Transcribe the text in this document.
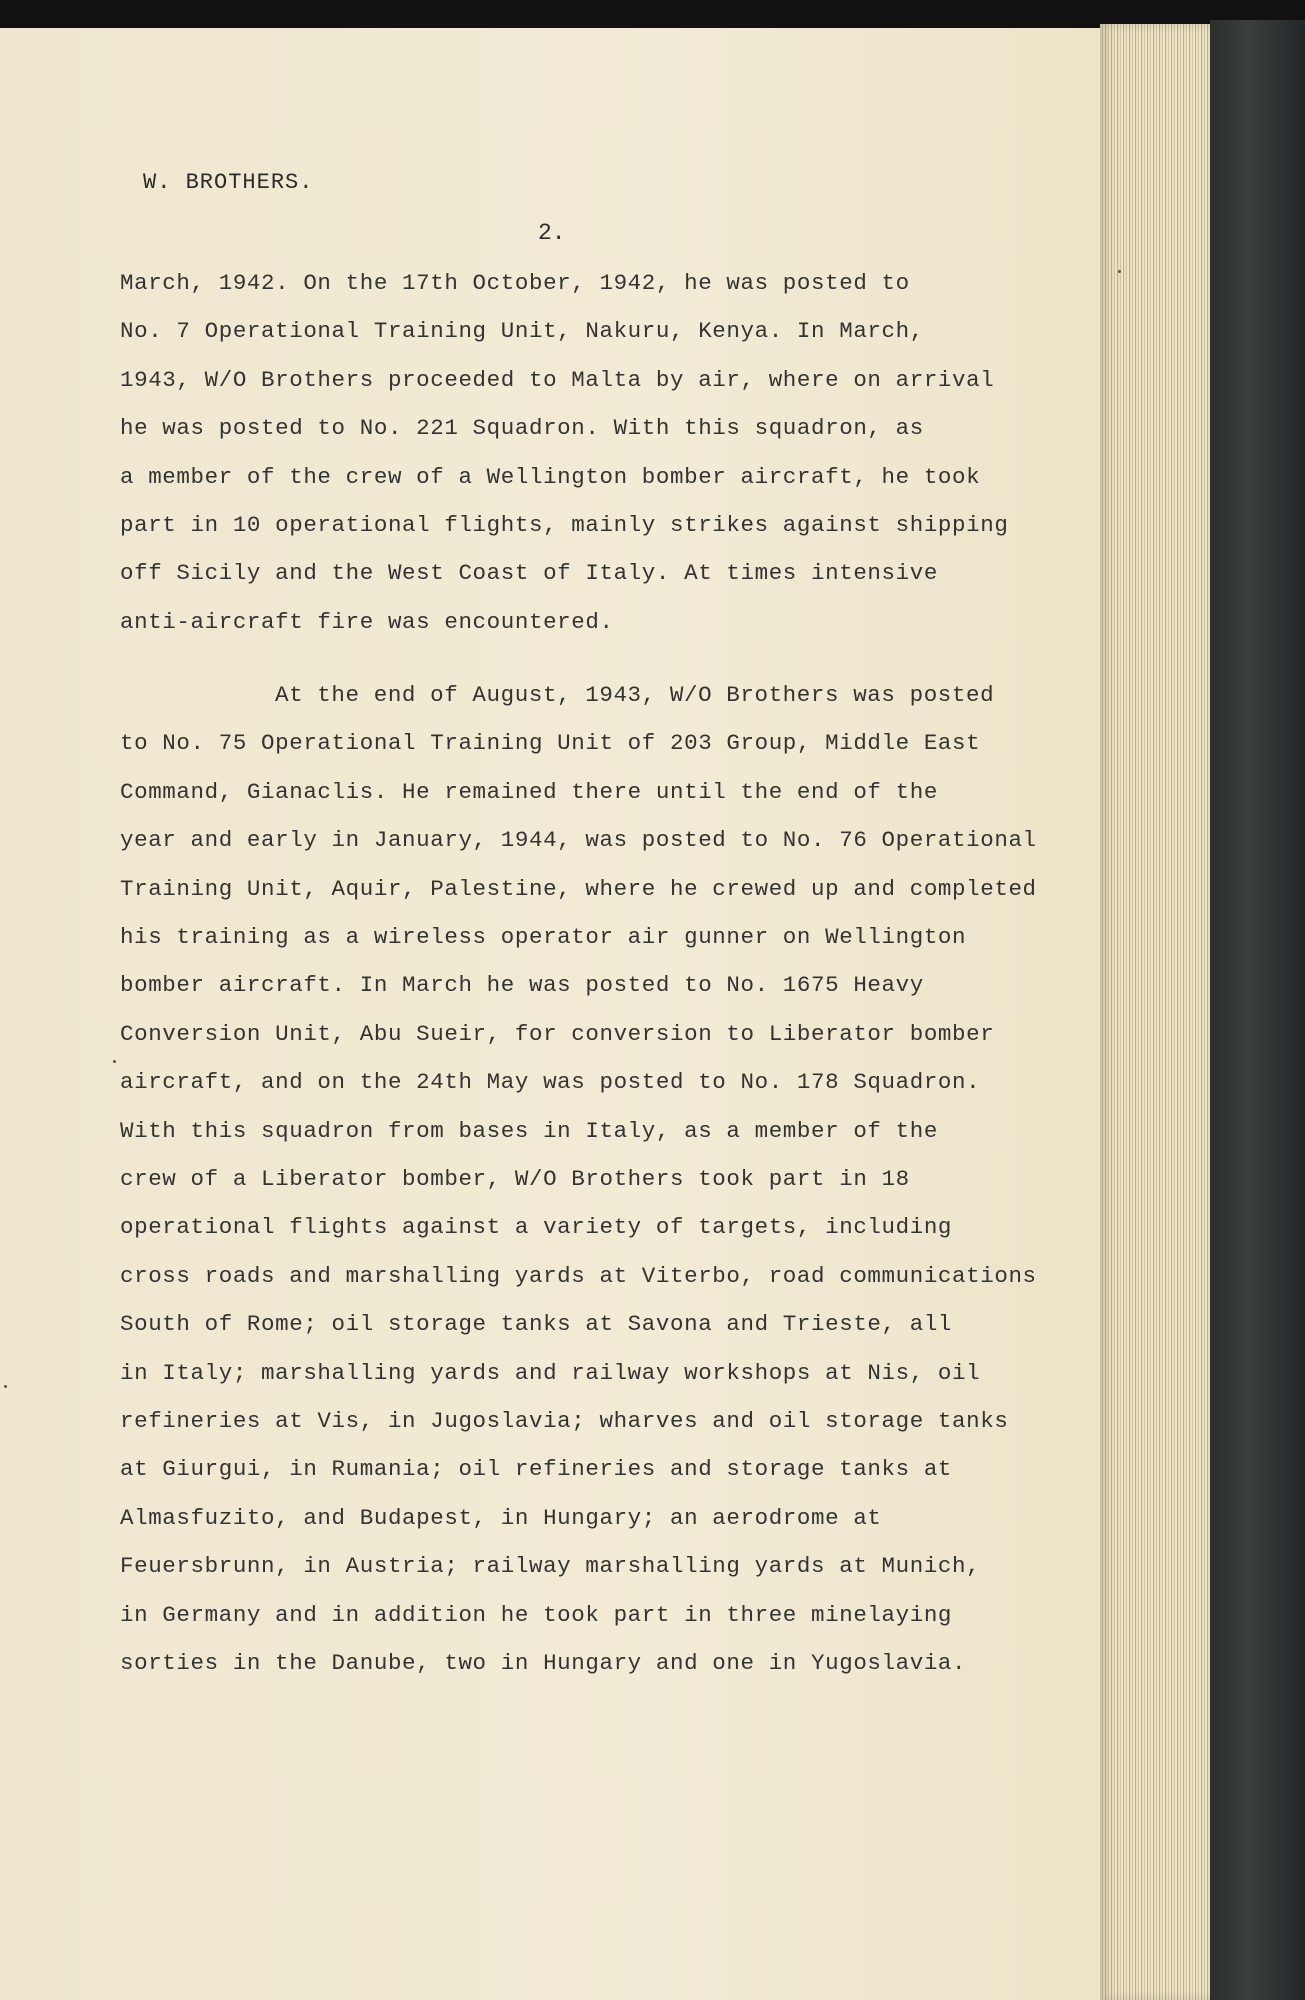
W. BROTHERS.
2.
March, 1942. On the 17th October, 1942, he was posted to
No. 7 Operational Training Unit, Nakuru, Kenya. In March,
1943, W/O Brothers proceeded to Malta by air, where on arrival
he was posted to No. 221 Squadron. With this squadron, as
a member of the crew of a Wellington bomber aircraft, he took
part in 10 operational flights, mainly strikes against shipping
off Sicily and the West Coast of Italy. At times intensive
anti-aircraft fire was encountered.
At the end of August, 1943, W/O Brothers was posted
to No. 75 Operational Training Unit of 203 Group, Middle East
Command, Gianaclis. He remained there until the end of the
year and early in January, 1944, was posted to No. 76 Operational
Training Unit, Aquir, Palestine, where he crewed up and completed
his training as a wireless operator air gunner on Wellington
bomber aircraft. In March he was posted to No. 1675 Heavy
Conversion Unit, Abu Sueir, for conversion to Liberator bomber
aircraft, and on the 24th May was posted to No. 178 Squadron.
With this squadron from bases in Italy, as a member of the
crew of a Liberator bomber, W/O Brothers took part in 18
operational flights against a variety of targets, including
cross roads and marshalling yards at Viterbo, road communications
South of Rome; oil storage tanks at Savona and Trieste, all
in Italy; marshalling yards and railway workshops at Nis, oil
refineries at Vis, in Jugoslavia; wharves and oil storage tanks
at Giurgui, in Rumania; oil refineries and storage tanks at
Almasfuzito, and Budapest, in Hungary; an aerodrome at
Feuersbrunn, in Austria; railway marshalling yards at Munich,
in Germany and in addition he took part in three minelaying
sorties in the Danube, two in Hungary and one in Yugoslavia.
